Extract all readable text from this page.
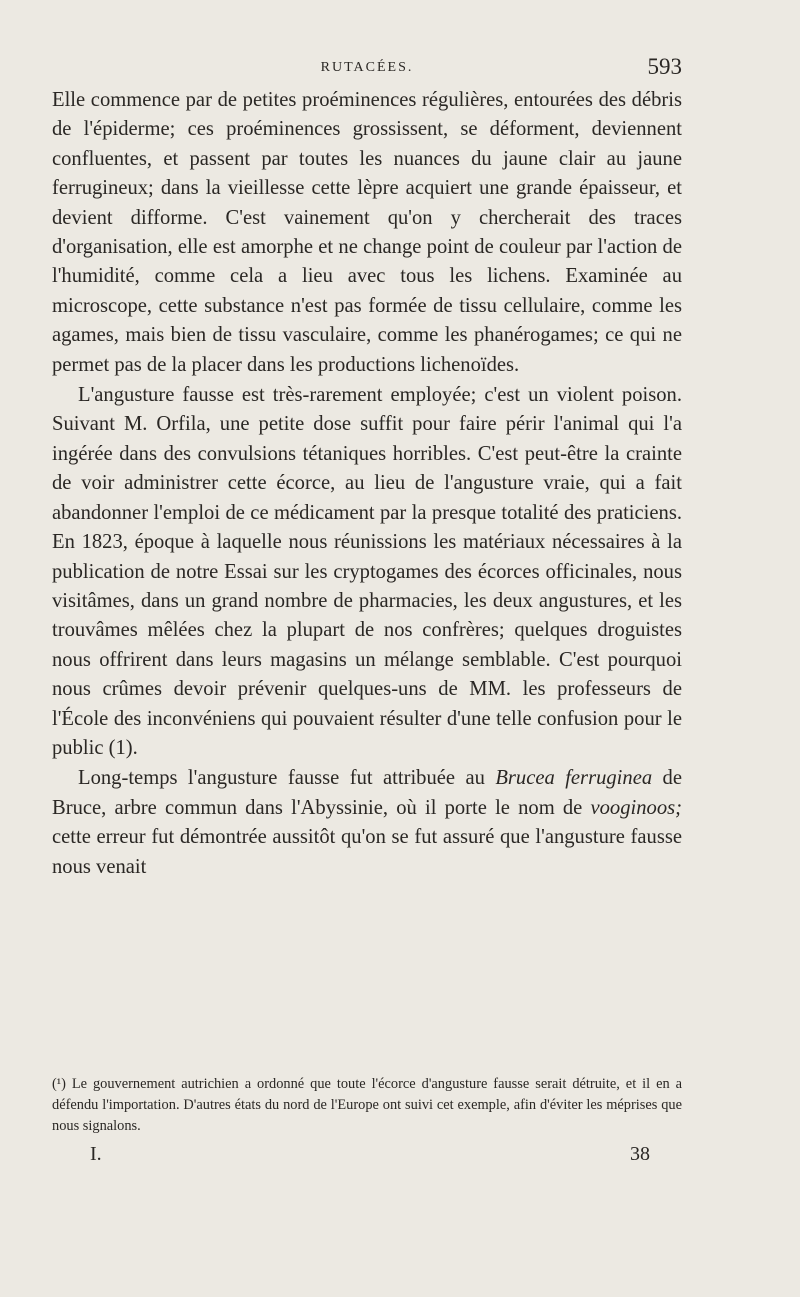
RUTACÉES.	593

Elle commence par de petites proéminences régulières, entourées des débris de l'épiderme; ces proéminences grossissent, se déforment, deviennent confluentes, et passent par toutes les nuances du jaune clair au jaune ferrugineux; dans la vieillesse cette lèpre acquiert une grande épaisseur, et devient difforme. C'est vainement qu'on y chercherait des traces d'organisation, elle est amorphe et ne change point de couleur par l'action de l'humidité, comme cela a lieu avec tous les lichens. Examinée au microscope, cette substance n'est pas formée de tissu cellulaire, comme les agames, mais bien de tissu vasculaire, comme les phanérogames; ce qui ne permet pas de la placer dans les productions lichenoïdes.

L'angusture fausse est très-rarement employée; c'est un violent poison. Suivant M. Orfila, une petite dose suffit pour faire périr l'animal qui l'a ingérée dans des convulsions tétaniques horribles. C'est peut-être la crainte de voir administrer cette écorce, au lieu de l'angusture vraie, qui a fait abandonner l'emploi de ce médicament par la presque totalité des praticiens. En 1823, époque à laquelle nous réunissions les matériaux nécessaires à la publication de notre Essai sur les cryptogames des écorces officinales, nous visitâmes, dans un grand nombre de pharmacies, les deux angustures, et les trouvâmes mêlées chez la plupart de nos confrères; quelques droguistes nous offrirent dans leurs magasins un mélange semblable. C'est pourquoi nous crûmes devoir prévenir quelques-uns de MM. les professeurs de l'École des inconvéniens qui pouvaient résulter d'une telle confusion pour le public (1).

Long-temps l'angusture fausse fut attribuée au Brucea ferruginea de Bruce, arbre commun dans l'Abyssinie, où il porte le nom de vooginoos; cette erreur fut démontrée aussitôt qu'on se fut assuré que l'angusture fausse nous venait

(¹) Le gouvernement autrichien a ordonné que toute l'écorce d'angusture fausse serait détruite, et il en a défendu l'importation. D'autres états du nord de l'Europe ont suivi cet exemple, afin d'éviter les méprises que nous signalons.

I.	38
